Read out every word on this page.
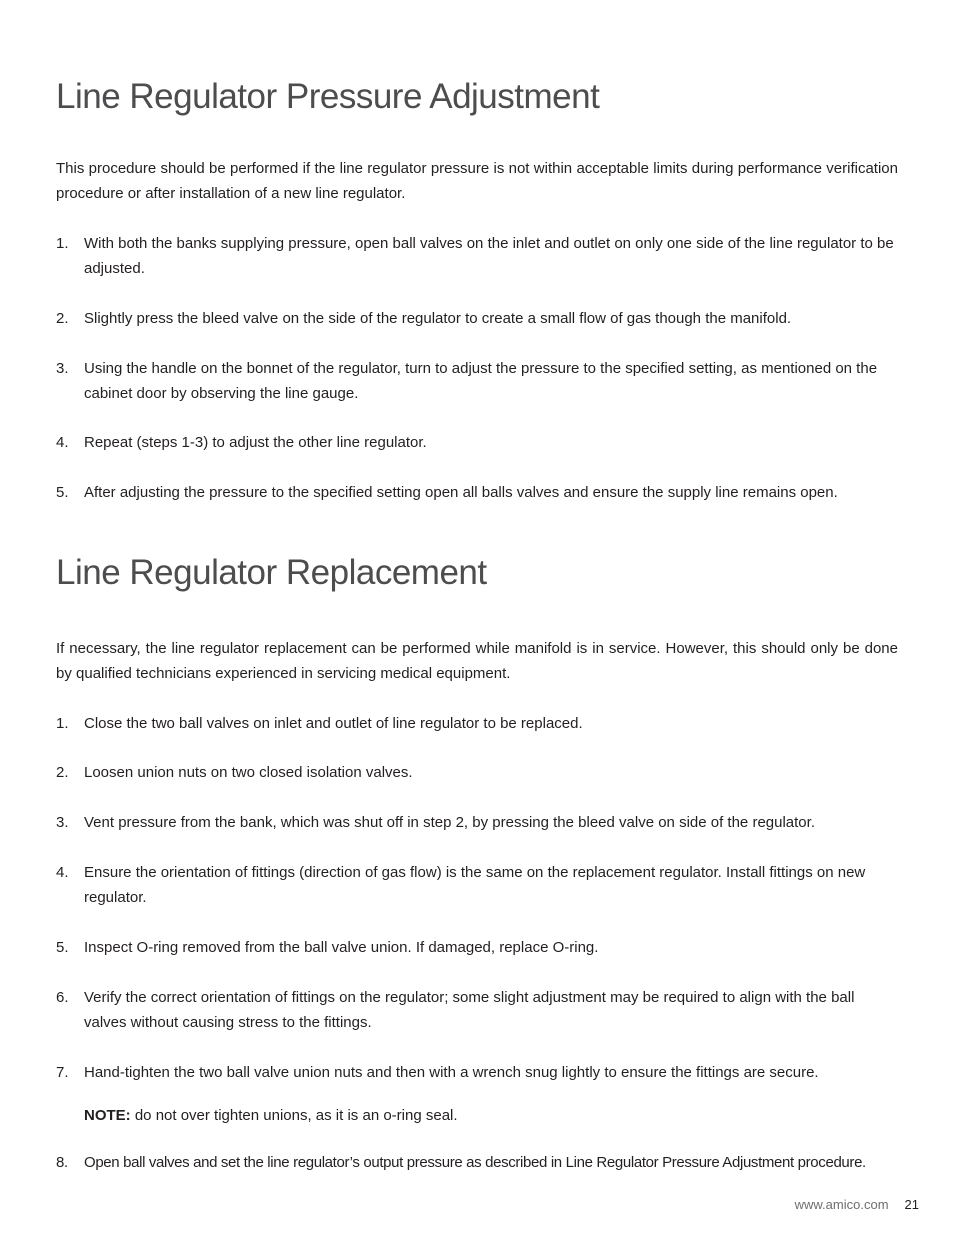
Line Regulator Pressure Adjustment

This procedure should be performed if the line regulator pressure is not within acceptable limits during performance verification procedure or after installation of a new line regulator.

1. With both the banks supplying pressure, open ball valves on the inlet and outlet on only one side of the line regulator to be adjusted.
2. Slightly press the bleed valve on the side of the regulator to create a small flow of gas though the manifold.
3. Using the handle on the bonnet of the regulator, turn to adjust the pressure to the specified setting, as mentioned on the cabinet door by observing the line gauge.
4. Repeat (steps 1-3) to adjust the other line regulator.
5. After adjusting the pressure to the specified setting open all balls valves and ensure the supply line remains open.
Line Regulator Replacement

If necessary, the line regulator replacement can be performed while manifold is in service. However, this should only be done by qualified technicians experienced in servicing medical equipment.

1. Close the two ball valves on inlet and outlet of line regulator to be replaced.
2. Loosen union nuts on two closed isolation valves.
3. Vent pressure from the bank, which was shut off in step 2, by pressing the bleed valve on side of the regulator.
4. Ensure the orientation of fittings (direction of gas flow) is the same on the replacement regulator. Install fittings on new regulator.
5. Inspect O-ring removed from the ball valve union. If damaged, replace O-ring.
6. Verify the correct orientation of fittings on the regulator; some slight adjustment may be required to align with the ball valves without causing stress to the fittings.
7. Hand-tighten the two ball valve union nuts and then with a wrench snug lightly to ensure the fittings are secure.
NOTE: do not over tighten unions, as it is an o-ring seal.
8. Open ball valves and set the line regulator’s output pressure as described in Line Regulator Pressure Adjustment procedure.
www.amico.com 21
